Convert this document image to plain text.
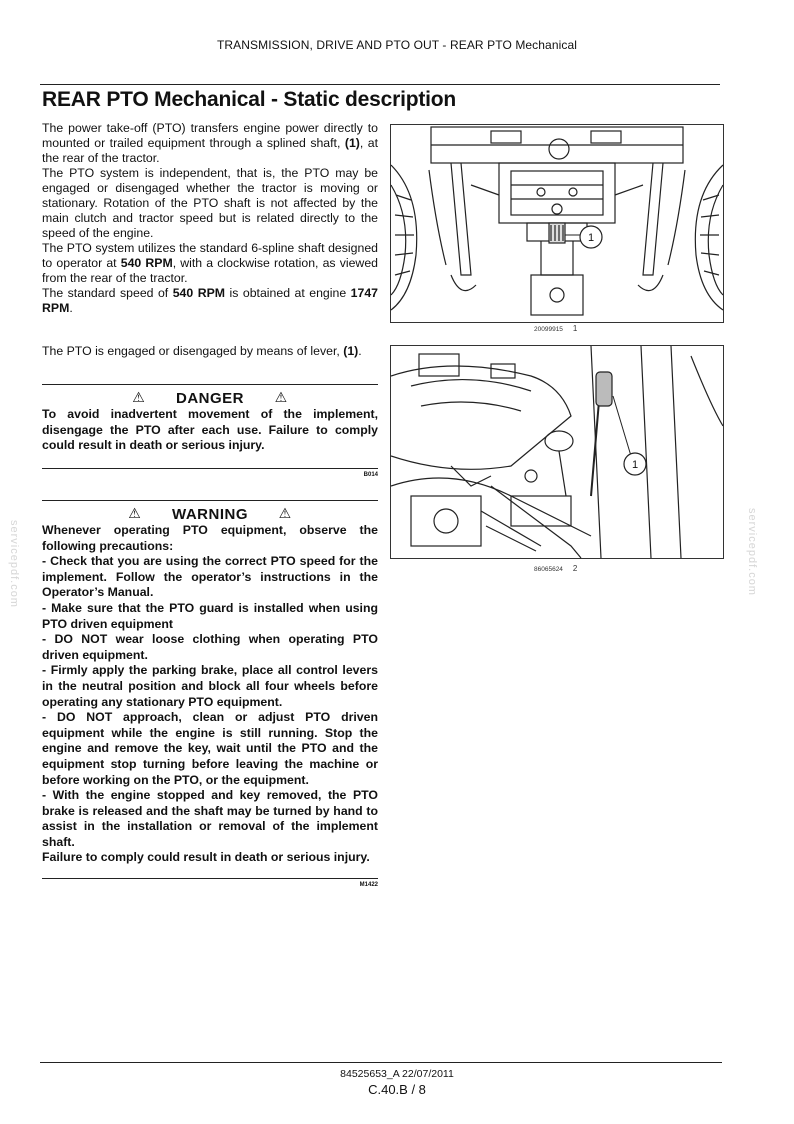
TRANSMISSION, DRIVE AND PTO OUT - REAR PTO Mechanical
REAR PTO Mechanical - Static description

The power take-off (PTO) transfers engine power directly to mounted or trailed equipment through a splined shaft, (1), at the rear of the tractor.

The PTO system is independent, that is, the PTO may be engaged or disengaged whether the tractor is moving or stationary. Rotation of the PTO shaft is not affected by the main clutch and tractor speed but is related directly to the speed of the engine.

The PTO system utilizes the standard 6-spline shaft designed to operator at 540 RPM, with a clockwise rotation, as viewed from the rear of the tractor.

The standard speed of 540 RPM is obtained at engine 1747 RPM.

The PTO is engaged or disengaged by means of lever, (1).

⚠ DANGER ⚠

To avoid inadvertent movement of the implement, disengage the PTO after each use. Failure to comply could result in death or serious injury.

B014
⚠ WARNING ⚠

Whenever operating PTO equipment, observe the following precautions:

- Check that you are using the correct PTO speed for the implement. Follow the operator’s instructions in the Operator’s Manual.

- Make sure that the PTO guard is installed when using PTO driven equipment

- DO NOT wear loose clothing when operating PTO driven equipment.

- Firmly apply the parking brake, place all control levers in the neutral position and block all four wheels before operating any stationary PTO equipment.

- DO NOT approach, clean or adjust PTO driven equipment while the engine is still running. Stop the engine and remove the key, wait until the PTO and the equipment stop turning before leaving the machine or before working on the PTO, or the equipment.

- With the engine stopped and key removed, the PTO brake is released and the shaft may be turned by hand to assist in the installation or removal of the implement shaft.

Failure to comply could result in death or serious injury.

M1422
1
20099915 1
1
86065624 2
servicepdf.com	servicepdf.com
84525653_A 22/07/2011
C.40.B / 8
